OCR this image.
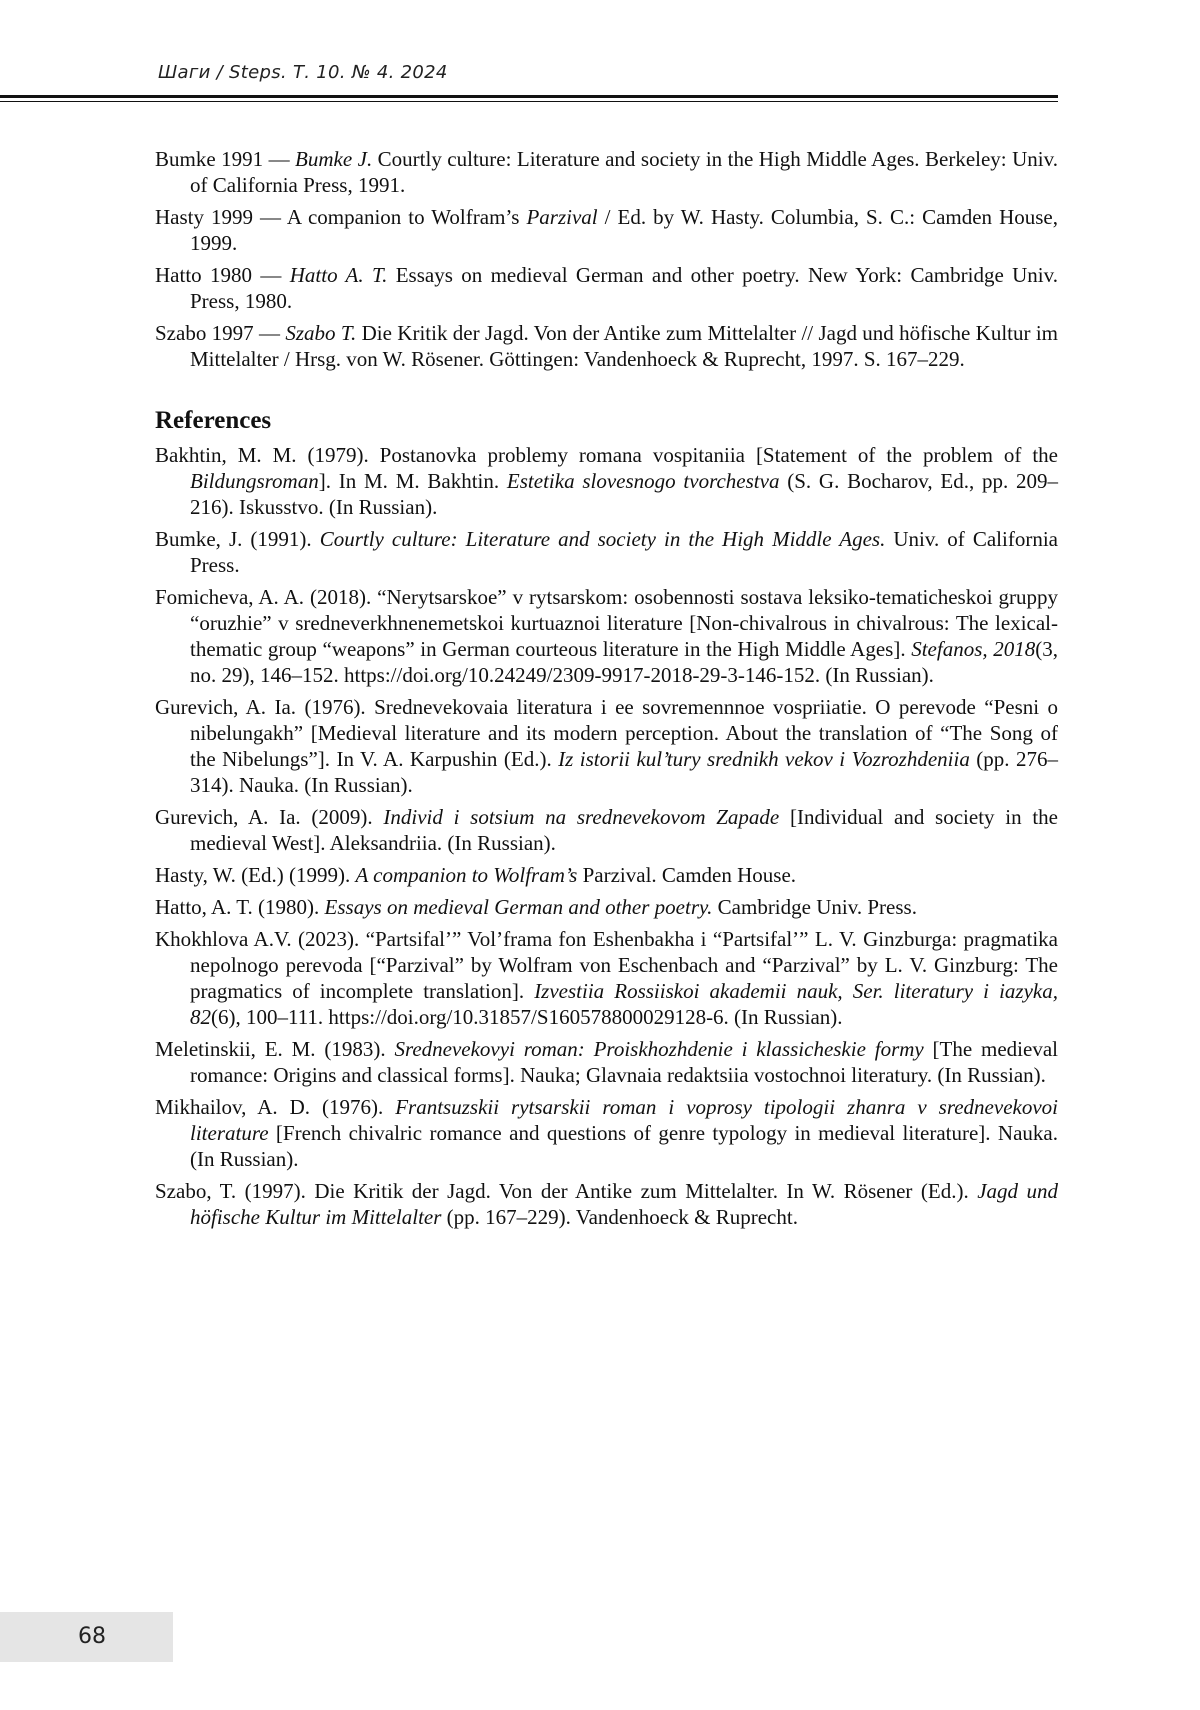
Шаги / Steps. Т. 10. № 4. 2024

Bumke 1991 — Bumke J. Courtly culture: Literature and society in the High Middle Ages. Berkeley: Univ. of California Press, 1991.

Hasty 1999 — A companion to Wolfram’s Parzival / Ed. by W. Hasty. Columbia, S. C.: Camden House, 1999.

Hatto 1980 — Hatto A. T. Essays on medieval German and other poetry. New York: Cambridge Univ. Press, 1980.

Szabo 1997 — Szabo T. Die Kritik der Jagd. Von der Antike zum Mittelalter // Jagd und höfische Kultur im Mittelalter / Hrsg. von W. Rösener. Göttingen: Vandenhoeck & Ruprecht, 1997. S. 167–229.

References

Bakhtin, M. M. (1979). Postanovka problemy romana vospitaniia [Statement of the problem of the Bildungsroman]. In M. M. Bakhtin. Estetika slovesnogo tvorchestva (S. G. Bocharov, Ed., pp. 209–216). Iskusstvo. (In Russian).

Bumke, J. (1991). Courtly culture: Literature and society in the High Middle Ages. Univ. of California Press.

Fomicheva, A. A. (2018). “Nerytsarskoe” v rytsarskom: osobennosti sostava leksiko-tematicheskoi gruppy “oruzhie” v sredneverkhnenemetskoi kurtuaznoi literature [Non-chivalrous in chivalrous: The lexical-thematic group “weapons” in German courteous literature in the High Middle Ages]. Stefanos, 2018(3, no. 29), 146–152. https://doi.org/10.24249/2309-9917-2018-29-3-146-152. (In Russian).

Gurevich, A. Ia. (1976). Srednevekovaia literatura i ee sovremennnoe vospriiatie. O perevode “Pesni o nibelungakh” [Medieval literature and its modern perception. About the translation of “The Song of the Nibelungs”]. In V. A. Karpushin (Ed.). Iz istorii kul’tury srednikh vekov i Vozrozhdeniia (pp. 276–314). Nauka. (In Russian).

Gurevich, A. Ia. (2009). Individ i sotsium na srednevekovom Zapade [Individual and society in the medieval West]. Aleksandriia. (In Russian).

Hasty, W. (Ed.) (1999). A companion to Wolfram’s Parzival. Camden House.

Hatto, A. T. (1980). Essays on medieval German and other poetry. Cambridge Univ. Press.

Khokhlova A.V. (2023). “Partsifal’” Vol’frama fon Eshenbakha i “Partsifal’” L. V. Ginzburga: pragmatika nepolnogo perevoda [“Parzival” by Wolfram von Eschenbach and “Parzival” by L. V. Ginzburg: The pragmatics of incomplete translation]. Izvestiia Rossiiskoi akademii nauk, Ser. literatury i iazyka, 82(6), 100–111. https://doi.org/10.31857/S160578800029128-6. (In Russian).

Meletinskii, E. M. (1983). Srednevekovyi roman: Proiskhozhdenie i klassicheskie formy [The medieval romance: Origins and classical forms]. Nauka; Glavnaia redaktsiia vostochnoi literatury. (In Russian).

Mikhailov, A. D. (1976). Frantsuzskii rytsarskii roman i voprosy tipologii zhanra v srednevekovoi literature [French chivalric romance and questions of genre typology in medieval literature]. Nauka. (In Russian).

Szabo, T. (1997). Die Kritik der Jagd. Von der Antike zum Mittelalter. In W. Rösener (Ed.). Jagd und höfische Kultur im Mittelalter (pp. 167–229). Vandenhoeck & Ruprecht.

68
